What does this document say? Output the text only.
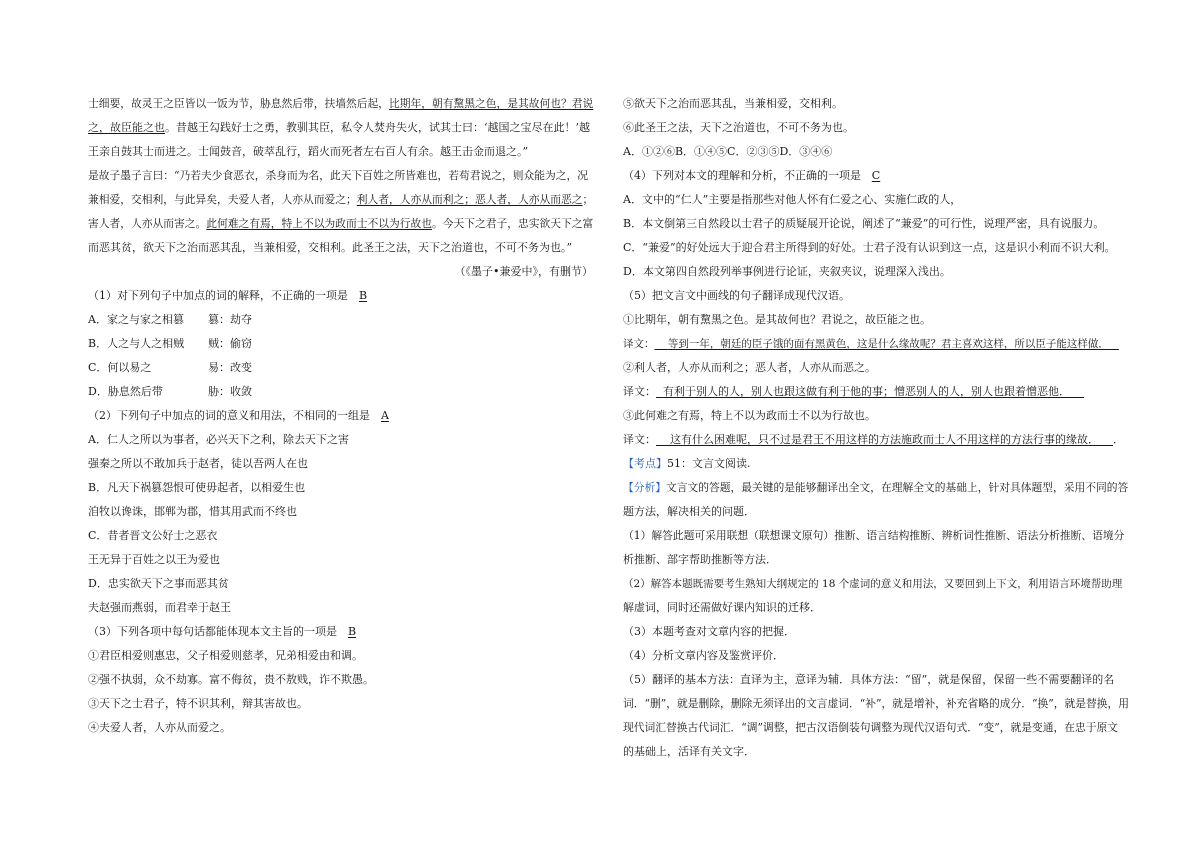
士细要，故灵王之臣皆以一饭为节，胁息然后带，扶墙然后起，比期年，朝有黧黑之色，是其故何也？君说

之，故臣能之也。昔越王勾践好士之勇，教驯其臣，私令人焚舟失火，试其士曰：‘越国之宝尽在此！’越

王亲自鼓其士而进之。士闻鼓音，破萃乱行，蹈火而死者左右百人有余。越王击金而退之。”

是故子墨子言曰：“乃若夫少食恶衣，杀身而为名，此天下百姓之所皆难也，若苟君说之，则众能为之，况

兼相爱，交相利，与此异矣，夫爱人者，人亦从而爱之；利人者，人亦从而利之；恶人者，人亦从而恶之；

害人者，人亦从而害之。此何难之有焉，特上不以为政而士不以为行故也。今天下之君子，忠实欲天下之富

而恶其贫，欲天下之治而恶其乱，当兼相爱，交相利。此圣王之法，天下之治道也，不可不务为也。”

（《墨子•兼爱中》，有删节）

（1）对下列句子中加点的词的解释，不正确的一项是 B

A．家之与家之相篡 篡：劫夺

B．人之与人之相贼 贼：偷窃

C．何以易之	易：改变

D．胁息然后带	胁：收敛

（2）下列句子中加点的词的意义和用法，不相同的一组是 A

A．仁人之所以为事者，必兴天下之利，除去天下之害

强秦之所以不敢加兵于赵者，徒以吾两人在也

B．凡天下祸篡怨恨可使毋起者，以相爱生也

洎牧以谗诛，邯郸为郡，惜其用武而不终也

C．昔者晋文公好士之恶衣

王无异于百姓之以王为爱也

D．忠实欲天下之事而恶其贫

夫赵强而燕弱，而君幸于赵王

（3）下列各项中每句话都能体现本文主旨的一项是 B

①君臣相爱则惠忠，父子相爱则慈孝，兄弟相爱由和调。

②强不执弱，众不劫寡。富不侮贫，贵不敖贱，诈不欺愚。

③天下之士君子，特不识其利，辩其害故也。

④夫爱人者，人亦从而爱之。

⑤欲天下之治而恶其乱，当兼相爱，交相利。

⑥此圣王之法，天下之治道也，不可不务为也。

A．①②⑥B．①④⑤C．②③⑤D．③④⑥

（4）下列对本文的理解和分析，不正确的一项是 C

A．文中的“仁人”主要是指那些对他人怀有仁爱之心、实施仁政的人，

B．本文倒第三自然段以士君子的质疑展开论说，阐述了“兼爱”的可行性，说理严密，具有说服力。

C．“兼爱”的好处远大于迎合君主所得到的好处。士君子没有认识到这一点，这是识小利而不识大利。

D．本文第四自然段列举事例进行论证，夹叙夹议，说理深入浅出。

（5）把文言文中画线的句子翻译成现代汉语。

①比期年，朝有黧黑之色。是其故何也？君说之，故臣能之也。

译文： 等到一年，朝廷的臣子饿的面有黑黄色，这是什么缘故呢？君主喜欢这样，所以臣子能这样做．

②利人者，人亦从而利之；恶人者，人亦从而恶之。

译文： 有利于别人的人，别人也跟这做有利于他的事；憎恶别人的人，别人也跟着憎恶他．

③此何难之有焉，特上不以为政而士不以为行故也。

译文： 这有什么困难呢，只不过是君王不用这样的方法施政而士人不用这样的方法行事的缘故． ．

【考点】51：文言文阅读.

【分析】文言文的答题，最关键的是能够翻译出全文，在理解全文的基础上，针对具体题型，采用不同的答

题方法，解决相关的问题．

（1）解答此题可采用联想（联想课文原句）推断、语言结构推断、辨析词性推断、语法分析推断、语境分

析推断、部字帮助推断等方法．

（2）解答本题既需要考生熟知大纲规定的 18 个虚词的意义和用法，又要回到上下文，利用语言环境帮助理

解虚词，同时还需做好课内知识的迁移．

（3）本题考查对文章内容的把握．

（4）分析文章内容及鉴赏评价．

（5）翻译的基本方法：直译为主，意译为辅．具体方法：“留”，就是保留，保留一些不需要翻译的名

词．“删”，就是删除，删除无须译出的文言虚词．“补”，就是增补，补充省略的成分．“换”，就是替换，用

现代词汇替换古代词汇．“调”调整，把古汉语倒装句调整为现代汉语句式．“变”，就是变通，在忠于原文

的基础上，活译有关文字．
